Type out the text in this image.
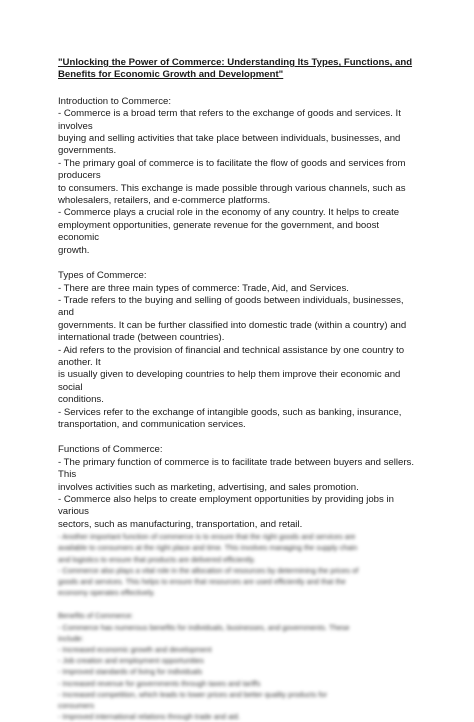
"Unlocking the Power of Commerce: Understanding Its Types, Functions, and

Benefits for Economic Growth and Development"

Introduction to Commerce:

- Commerce is a broad term that refers to the exchange of goods and services. It involves

buying and selling activities that take place between individuals, businesses, and

governments.

- The primary goal of commerce is to facilitate the flow of goods and services from producers

to consumers. This exchange is made possible through various channels, such as

wholesalers, retailers, and e-commerce platforms.

- Commerce plays a crucial role in the economy of any country. It helps to create

employment opportunities, generate revenue for the government, and boost economic

growth.

Types of Commerce:

- There are three main types of commerce: Trade, Aid, and Services.

- Trade refers to the buying and selling of goods between individuals, businesses, and

governments. It can be further classified into domestic trade (within a country) and

international trade (between countries).

- Aid refers to the provision of financial and technical assistance by one country to another. It

is usually given to developing countries to help them improve their economic and social

conditions.

- Services refer to the exchange of intangible goods, such as banking, insurance,

transportation, and communication services.

Functions of Commerce:

- The primary function of commerce is to facilitate trade between buyers and sellers. This

involves activities such as marketing, advertising, and sales promotion.

- Commerce also helps to create employment opportunities by providing jobs in various

sectors, such as manufacturing, transportation, and retail.

- Another important function of commerce is to ensure that the right goods and services are

available to consumers at the right place and time. This involves managing the supply chain

and logistics to ensure that products are delivered efficiently.

- Commerce also plays a vital role in the allocation of resources by determining the prices of

goods and services. This helps to ensure that resources are used efficiently and that the

economy operates effectively.

Benefits of Commerce:

- Commerce has numerous benefits for individuals, businesses, and governments. These

include:

- Increased economic growth and development

- Job creation and employment opportunities

- Improved standards of living for individuals

- Increased revenue for governments through taxes and tariffs

- Increased competition, which leads to lower prices and better quality products for

consumers

- Improved international relations through trade and aid.
